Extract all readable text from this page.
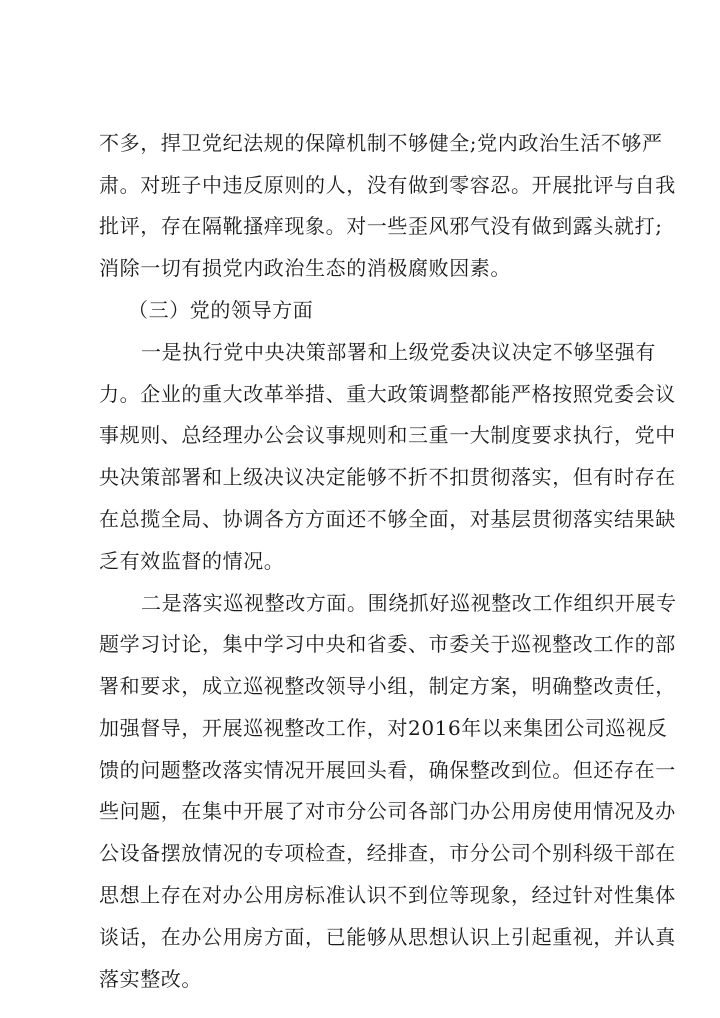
不多，捍卫党纪法规的保障机制不够健全;党内政治生活不够严
肃。对班子中违反原则的人，没有做到零容忍。开展批评与自我
批评，存在隔靴搔痒现象。对一些歪风邪气没有做到露头就打;
消除一切有损党内政治生态的消极腐败因素。
（三）党的领导方面
一是执行党中央决策部署和上级党委决议决定不够坚强有
力。企业的重大改革举措、重大政策调整都能严格按照党委会议
事规则、总经理办公会议事规则和三重一大制度要求执行，党中
央决策部署和上级决议决定能够不折不扣贯彻落实，但有时存在
在总揽全局、协调各方方面还不够全面，对基层贯彻落实结果缺
乏有效监督的情况。
二是落实巡视整改方面。围绕抓好巡视整改工作组织开展专
题学习讨论，集中学习中央和省委、市委关于巡视整改工作的部
署和要求，成立巡视整改领导小组，制定方案，明确整改责任，
加强督导，开展巡视整改工作，对2016年以来集团公司巡视反
馈的问题整改落实情况开展回头看，确保整改到位。但还存在一
些问题，在集中开展了对市分公司各部门办公用房使用情况及办
公设备摆放情况的专项检查，经排查，市分公司个别科级干部在
思想上存在对办公用房标准认识不到位等现象，经过针对性集体
谈话，在办公用房方面，已能够从思想认识上引起重视，并认真
落实整改。
